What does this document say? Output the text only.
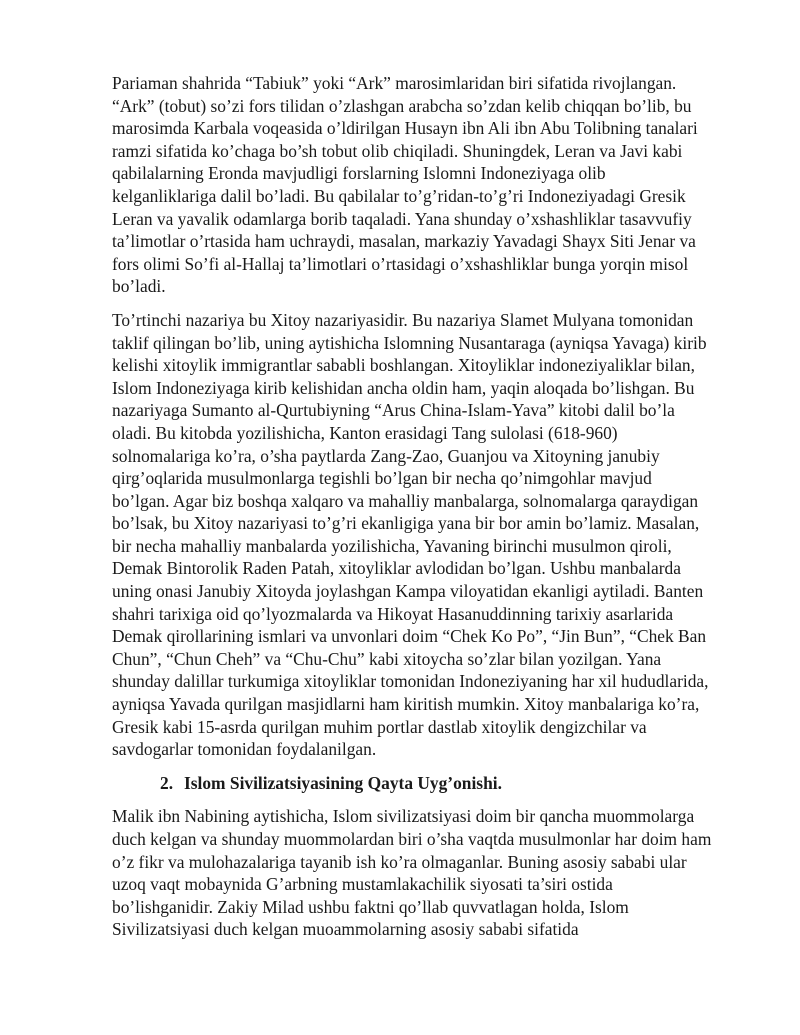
Pariaman shahrida “Tabiuk” yoki “Ark” marosimlaridan biri sifatida rivojlangan.
“Ark” (tobut) so’zi fors tilidan o’zlashgan arabcha so’zdan kelib chiqqan bo’lib, bu
marosimda Karbala voqeasida o’ldirilgan Husayn ibn Ali ibn Abu Tolibning tanalari
ramzi sifatida ko’chaga bo’sh tobut olib chiqiladi. Shuningdek, Leran va Javi kabi
qabilalarning Eronda mavjudligi forslarning Islomni Indoneziyaga olib
kelganliklariga dalil bo’ladi. Bu qabilalar to’g’ridan-to’g’ri Indoneziyadagi Gresik
Leran va yavalik odamlarga borib taqaladi. Yana shunday o’xshashliklar tasavvufiy
ta’limotlar o’rtasida ham uchraydi, masalan, markaziy Yavadagi Shayx Siti Jenar va
fors olimi So’fi al-Hallaj ta’limotlari o’rtasidagi o’xshashliklar bunga yorqin misol
bo’ladi.

To’rtinchi nazariya bu Xitoy nazariyasidir. Bu nazariya Slamet Mulyana tomonidan
taklif qilingan bo’lib, uning aytishicha Islomning Nusantaraga (ayniqsa Yavaga) kirib
kelishi xitoylik immigrantlar sababli boshlangan. Xitoyliklar indoneziyaliklar bilan,
Islom Indoneziyaga kirib kelishidan ancha oldin ham, yaqin aloqada bo’lishgan. Bu
nazariyaga Sumanto al-Qurtubiyning “Arus China-Islam-Yava” kitobi dalil bo’la
oladi. Bu kitobda yozilishicha, Kanton erasidagi Tang sulolasi (618-960)
solnomalariga ko’ra, o’sha paytlarda Zang-Zao, Guanjou va Xitoyning janubiy
qirg’oqlarida musulmonlarga tegishli bo’lgan bir necha qo’nimgohlar mavjud
bo’lgan. Agar biz boshqa xalqaro va mahalliy manbalarga, solnomalarga qaraydigan
bo’lsak, bu Xitoy nazariyasi to’g’ri ekanligiga yana bir bor amin bo’lamiz. Masalan,
bir necha mahalliy manbalarda yozilishicha, Yavaning birinchi musulmon qiroli,
Demak Bintorolik Raden Patah, xitoyliklar avlodidan bo’lgan. Ushbu manbalarda
uning onasi Janubiy Xitoyda joylashgan Kampa viloyatidan ekanligi aytiladi. Banten
shahri tarixiga oid qo’lyozmalarda va Hikoyat Hasanuddinning tarixiy asarlarida
Demak qirollarining ismlari va unvonlari doim “Chek Ko Po”, “Jin Bun”, “Chek Ban
Chun”, “Chun Cheh” va “Chu-Chu” kabi xitoycha so’zlar bilan yozilgan. Yana
shunday dalillar turkumiga xitoyliklar tomonidan Indoneziyaning har xil hududlarida,
ayniqsa Yavada qurilgan masjidlarni ham kiritish mumkin. Xitoy manbalariga ko’ra,
Gresik kabi 15-asrda qurilgan muhim portlar dastlab xitoylik dengizchilar va
savdogarlar tomonidan foydalanilgan.

2. Islom Sivilizatsiyasining Qayta Uyg’onishi.

Malik ibn Nabining aytishicha, Islom sivilizatsiyasi doim bir qancha muommolarga
duch kelgan va shunday muommolardan biri o’sha vaqtda musulmonlar har doim ham
o’z fikr va mulohazalariga tayanib ish ko’ra olmaganlar. Buning asosiy sababi ular
uzoq vaqt mobaynida G’arbning mustamlakachilik siyosati ta’siri ostida
bo’lishganidir. Zakiy Milad ushbu faktni qo’llab quvvatlagan holda, Islom
Sivilizatsiyasi duch kelgan muoammolarning asosiy sababi sifatida
